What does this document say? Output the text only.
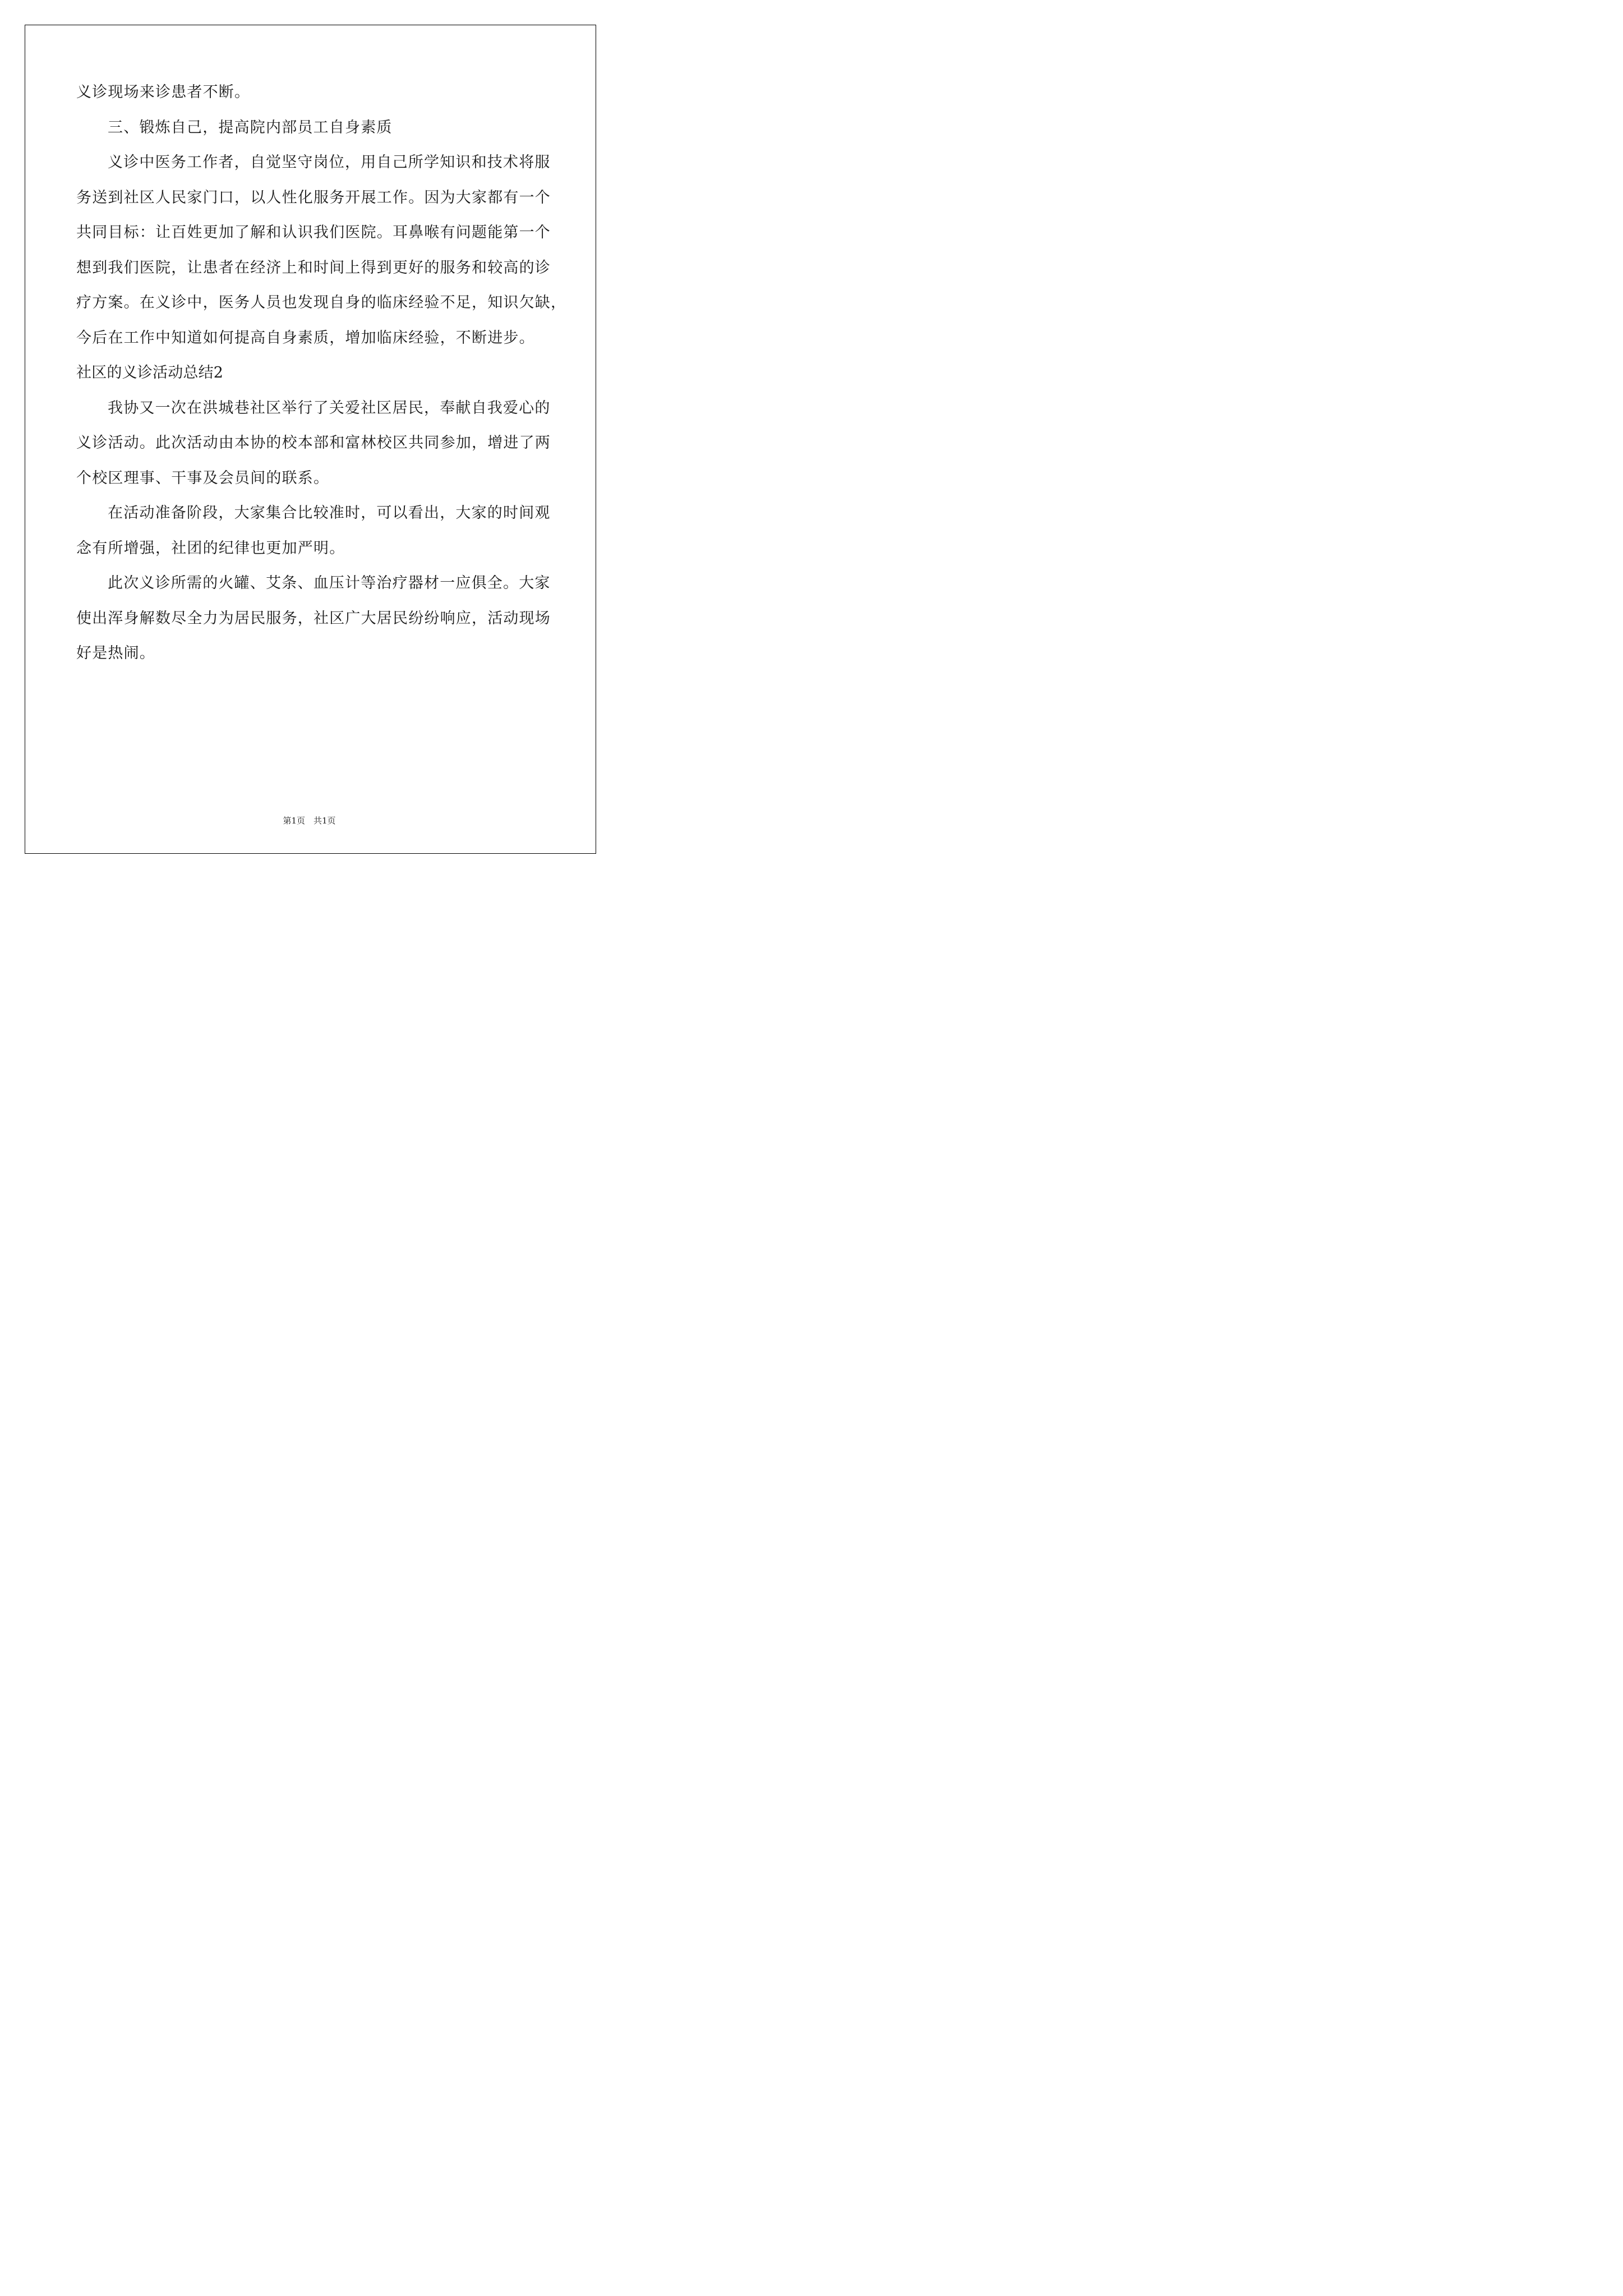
义诊现场来诊患者不断。
三、锻炼自己，提高院内部员工自身素质
义诊中医务工作者，自觉坚守岗位，用自己所学知识和技术将服
务送到社区人民家门口，以人性化服务开展工作。因为大家都有一个
共同目标：让百姓更加了解和认识我们医院。耳鼻喉有问题能第一个
想到我们医院，让患者在经济上和时间上得到更好的服务和较高的诊
疗方案。在义诊中，医务人员也发现自身的临床经验不足，知识欠缺，
今后在工作中知道如何提高自身素质，增加临床经验，不断进步。
社区的义诊活动总结2
我协又一次在洪城巷社区举行了关爱社区居民，奉献自我爱心的
义诊活动。此次活动由本协的校本部和富林校区共同参加，增进了两
个校区理事、干事及会员间的联系。
在活动准备阶段，大家集合比较准时，可以看出，大家的时间观
念有所增强，社团的纪律也更加严明。
此次义诊所需的火罐、艾条、血压计等治疗器材一应俱全。大家
使出浑身解数尽全力为居民服务，社区广大居民纷纷响应，活动现场
好是热闹。
第1页　共1页
